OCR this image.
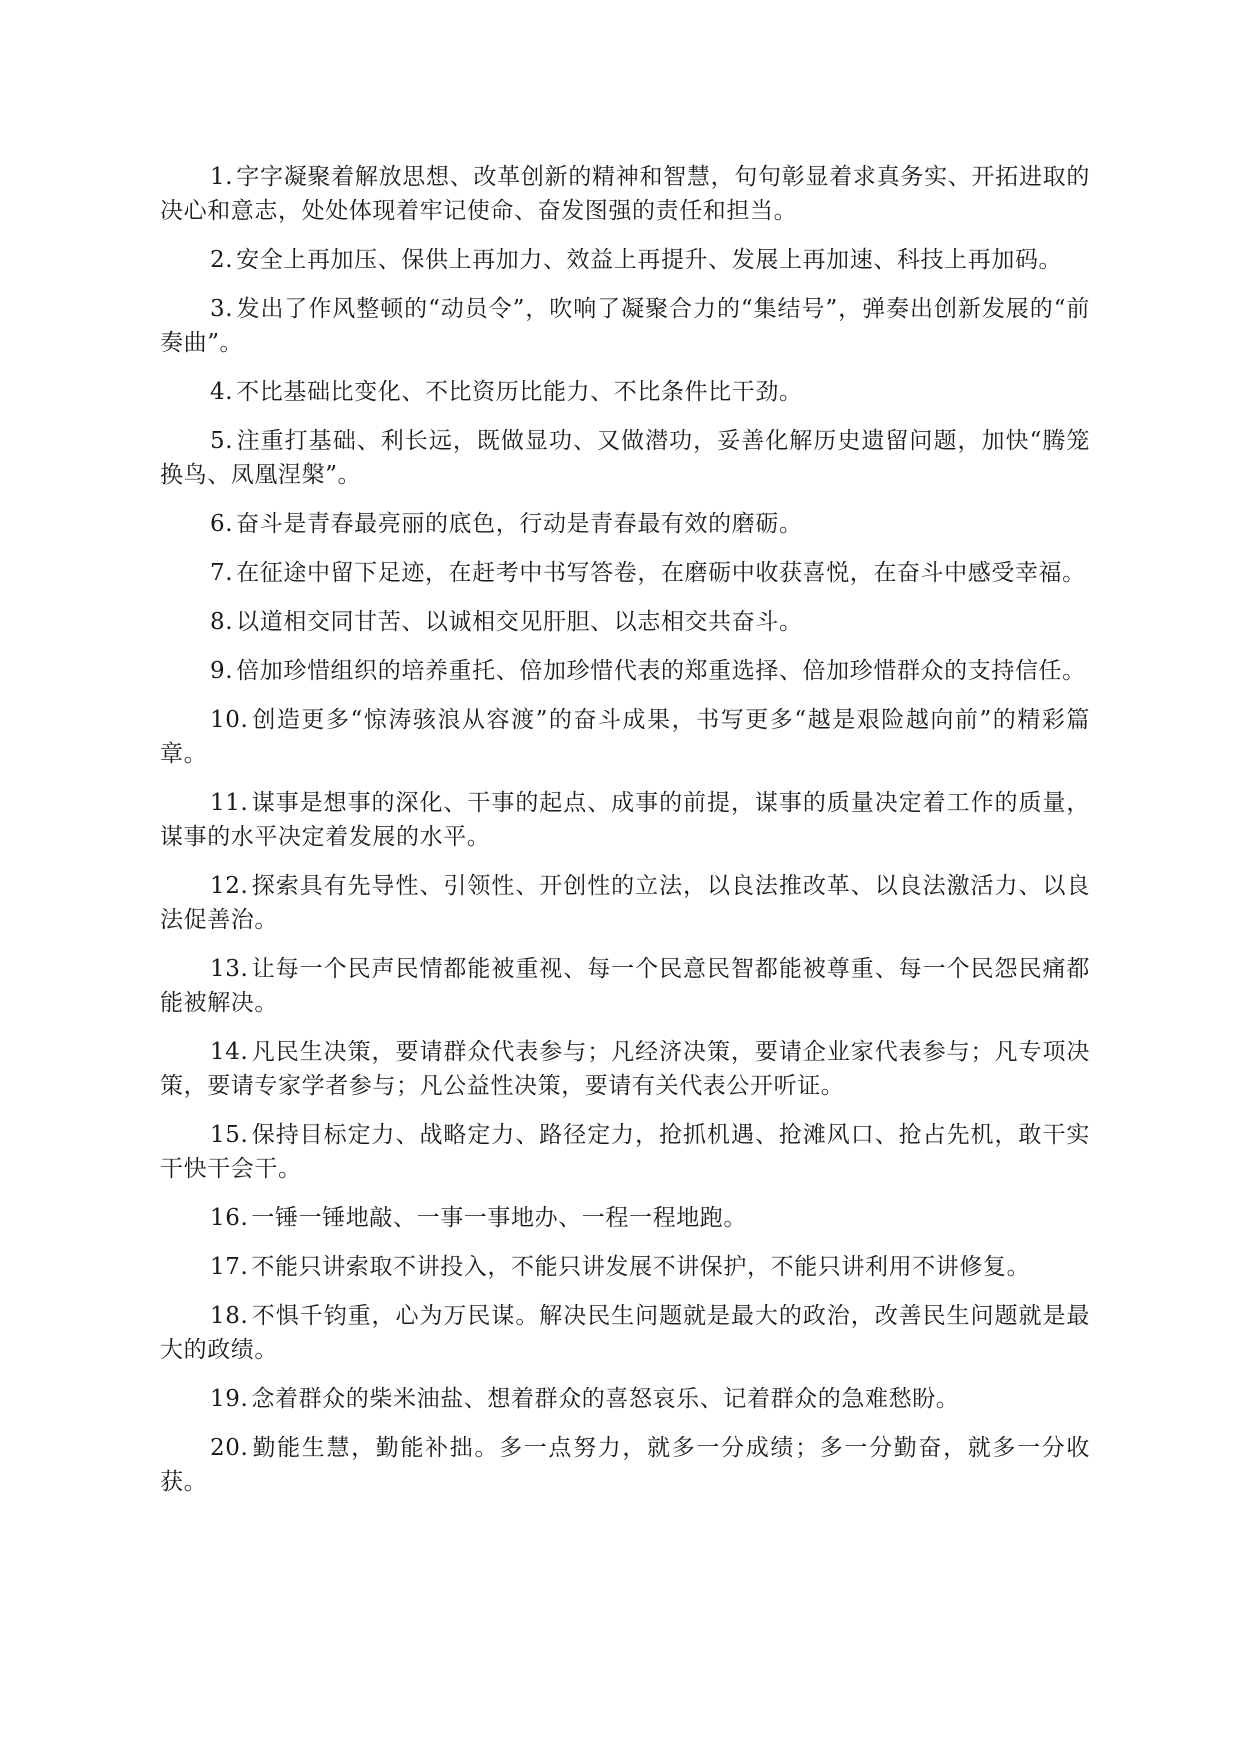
1. 字字凝聚着解放思想、改革创新的精神和智慧，句句彰显着求真务实、开拓进取的决心和意志，处处体现着牢记使命、奋发图强的责任和担当。

2. 安全上再加压、保供上再加力、效益上再提升、发展上再加速、科技上再加码。

3. 发出了作风整顿的“动员令”，吹响了凝聚合力的“集结号”，弹奏出创新发展的“前奏曲”。

4. 不比基础比变化、不比资历比能力、不比条件比干劲。

5. 注重打基础、利长远，既做显功、又做潜功，妥善化解历史遗留问题，加快“腾笼换鸟、凤凰涅槃”。

6. 奋斗是青春最亮丽的底色，行动是青春最有效的磨砺。

7. 在征途中留下足迹，在赶考中书写答卷，在磨砺中收获喜悦，在奋斗中感受幸福。

8. 以道相交同甘苦、以诚相交见肝胆、以志相交共奋斗。

9. 倍加珍惜组织的培养重托、倍加珍惜代表的郑重选择、倍加珍惜群众的支持信任。

10. 创造更多“惊涛骇浪从容渡”的奋斗成果，书写更多“越是艰险越向前”的精彩篇章。

11. 谋事是想事的深化、干事的起点、成事的前提，谋事的质量决定着工作的质量，谋事的水平决定着发展的水平。

12. 探索具有先导性、引领性、开创性的立法，以良法推改革、以良法激活力、以良法促善治。

13. 让每一个民声民情都能被重视、每一个民意民智都能被尊重、每一个民怨民痛都能被解决。

14. 凡民生决策，要请群众代表参与；凡经济决策，要请企业家代表参与；凡专项决策，要请专家学者参与；凡公益性决策，要请有关代表公开听证。

15. 保持目标定力、战略定力、路径定力，抢抓机遇、抢滩风口、抢占先机，敢干实干快干会干。

16. 一锤一锤地敲、一事一事地办、一程一程地跑。

17. 不能只讲索取不讲投入，不能只讲发展不讲保护，不能只讲利用不讲修复。

18. 不惧千钧重，心为万民谋。解决民生问题就是最大的政治，改善民生问题就是最大的政绩。

19. 念着群众的柴米油盐、想着群众的喜怒哀乐、记着群众的急难愁盼。

20. 勤能生慧，勤能补拙。多一点努力，就多一分成绩；多一分勤奋，就多一分收获。
